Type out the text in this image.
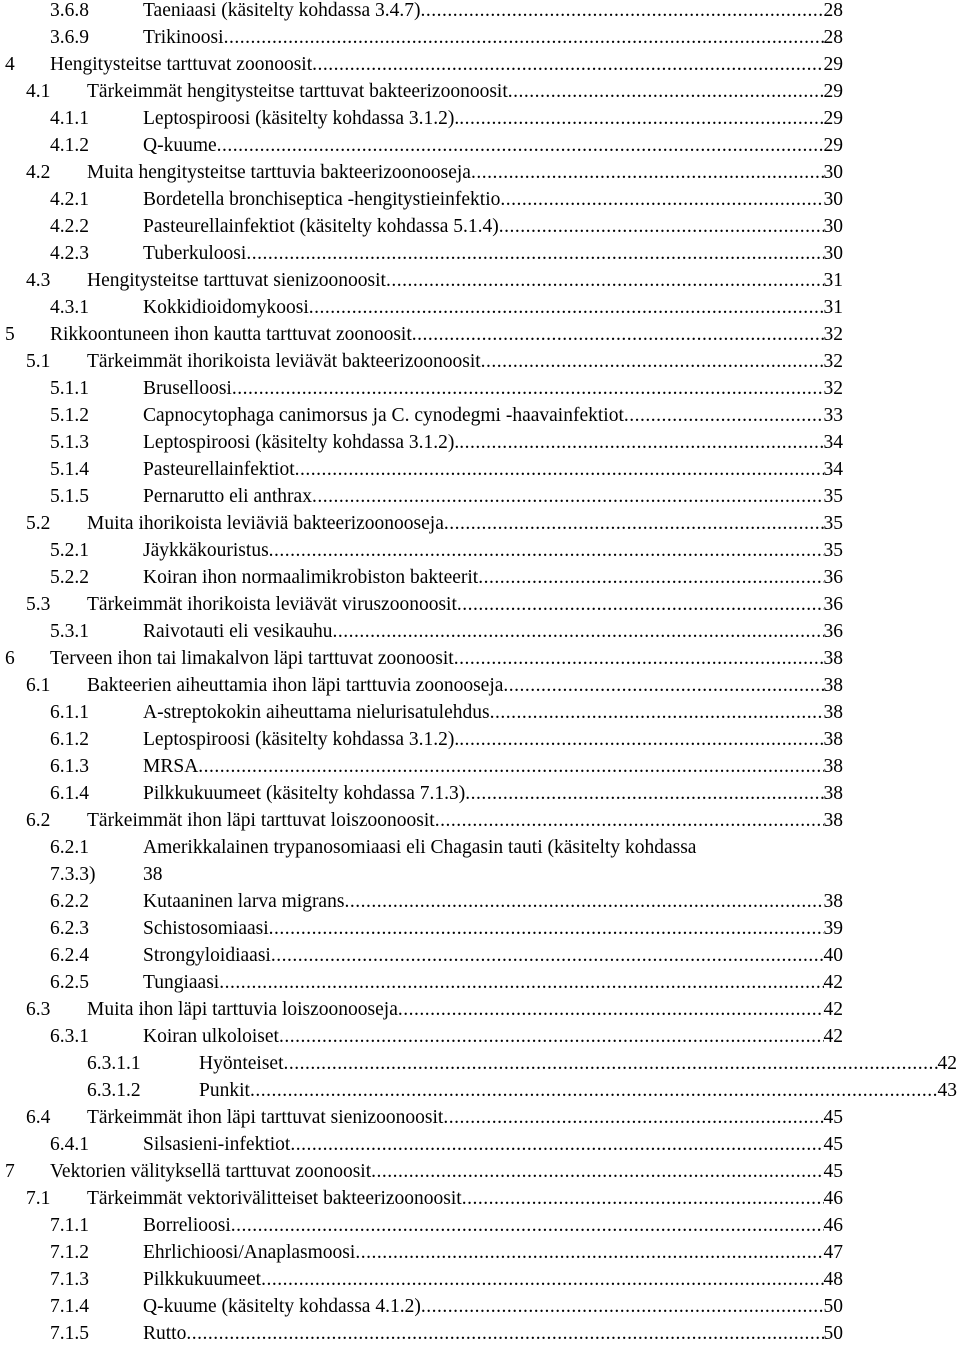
3.6.8	Taeniaasi (käsitelty kohdassa 3.4.7) .....	28
3.6.9	Trikinoosi .....	28
4 Hengitysteitse tarttuvat zoonoosit .....	29
4.1 Tärkeimmät hengitysteitse tarttuvat bakteerizoonoosit .....	29
4.1.1	Leptospiroosi (käsitelty kohdassa 3.1.2). .....	29
4.1.2	Q-kuume .....	29
4.2 Muita hengitysteitse tarttuvia bakteerizoonooseja .....	30
4.2.1	Bordetella bronchiseptica -hengitystieinfektio .....	30
4.2.2	Pasteurellainfektiot (käsitelty kohdassa 5.1.4) .....	30
4.2.3	Tuberkuloosi .....	30
4.3 Hengitysteitse tarttuvat sienizoonoosit .....	31
4.3.1	Kokkidioidomykoosi .....	31
5 Rikkoontuneen ihon kautta tarttuvat zoonoosit .....	32
5.1 Tärkeimmät ihorikoista leviävät bakteerizoonoosit .....	32
5.1.1	Bruselloosi .....	32
5.1.2	Capnocytophaga canimorsus ja C. cynodegmi -haavainfektiot .....	33
5.1.3	Leptospiroosi (käsitelty kohdassa 3.1.2). .....	34
5.1.4	Pasteurellainfektiot .....	34
5.1.5	Pernarutto eli anthrax .....	35
5.2 Muita ihorikoista leviäviä bakteerizoonooseja .....	35
5.2.1	Jäykkäkouristus .....	35
5.2.2	Koiran ihon normaalimikrobiston bakteerit .....	36
5.3 Tärkeimmät ihorikoista leviävät viruszoonoosit .....	36
5.3.1	Raivotauti eli vesikauhu .....	36
6 Terveen ihon tai limakalvon läpi tarttuvat zoonoosit .....	38
6.1 Bakteerien aiheuttamia ihon läpi tarttuvia zoonooseja .....	38
6.1.1	A-streptokokin aiheuttama nielurisatulehdus .....	38
6.1.2	Leptospiroosi (käsitelty kohdassa 3.1.2). .....	38
6.1.3	MRSA .....	38
6.1.4	Pilkkukuumeet (käsitelty kohdassa 7.1.3) .....	38
6.2 Tärkeimmät ihon läpi tarttuvat loiszoonoosit .....	38
6.2.1	Amerikkalainen trypanosomiaasi eli Chagasin tauti (käsitelty kohdassa
7.3.3) 38
6.2.2	Kutaaninen larva migrans .....	38
6.2.3	Schistosomiaasi .....	39
6.2.4	Strongyloidiaasi .....	40
6.2.5	Tungiaasi .....	42
6.3 Muita ihon läpi tarttuvia loiszoonooseja .....	42
6.3.1	Koiran ulkoloiset .....	42
6.3.1.1	Hyönteiset .....	42
6.3.1.2	Punkit .....	43
6.4 Tärkeimmät ihon läpi tarttuvat sienizoonoosit .....	45
6.4.1	Silsasieni-infektiot .....	45
7 Vektorien välityksellä tarttuvat zoonoosit .....	45
7.1 Tärkeimmät vektorivälitteiset bakteerizoonoosit .....	46
7.1.1	Borrelioosi .....	46
7.1.2	Ehrlichioosi/Anaplasmoosi .....	47
7.1.3	Pilkkukuumeet .....	48
7.1.4	Q-kuume (käsitelty kohdassa 4.1.2) .....	50
7.1.5	Rutto .....	50
